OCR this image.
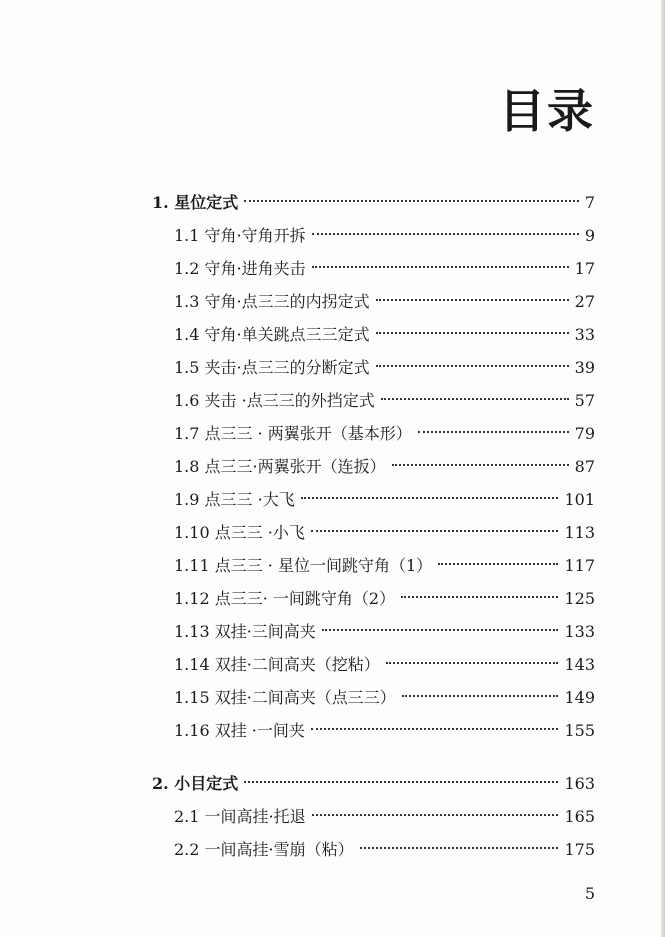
目录
1. 星位定式	7
1.1 守角·守角开拆	9
1.2 守角·进角夹击	17
1.3 守角·点三三的内拐定式	27
1.4 守角·单关跳点三三定式	33
1.5 夹击·点三三的分断定式	39
1.6 夹击 ·点三三的外挡定式	57
1.7 点三三 · 两翼张开（基本形）	79
1.8 点三三·两翼张开（连扳）	87
1.9 点三三 ·大飞	101
1.10 点三三 ·小飞	113
1.11 点三三 · 星位一间跳守角（1）	117
1.12 点三三· 一间跳守角（2）	125
1.13 双挂·三间高夹	133
1.14 双挂·二间高夹（挖粘）	143
1.15 双挂·二间高夹（点三三）	149
1.16 双挂 ·一间夹	155
2. 小目定式	163
2.1 一间高挂·托退	165
2.2 一间高挂·雪崩（粘）	175
5
